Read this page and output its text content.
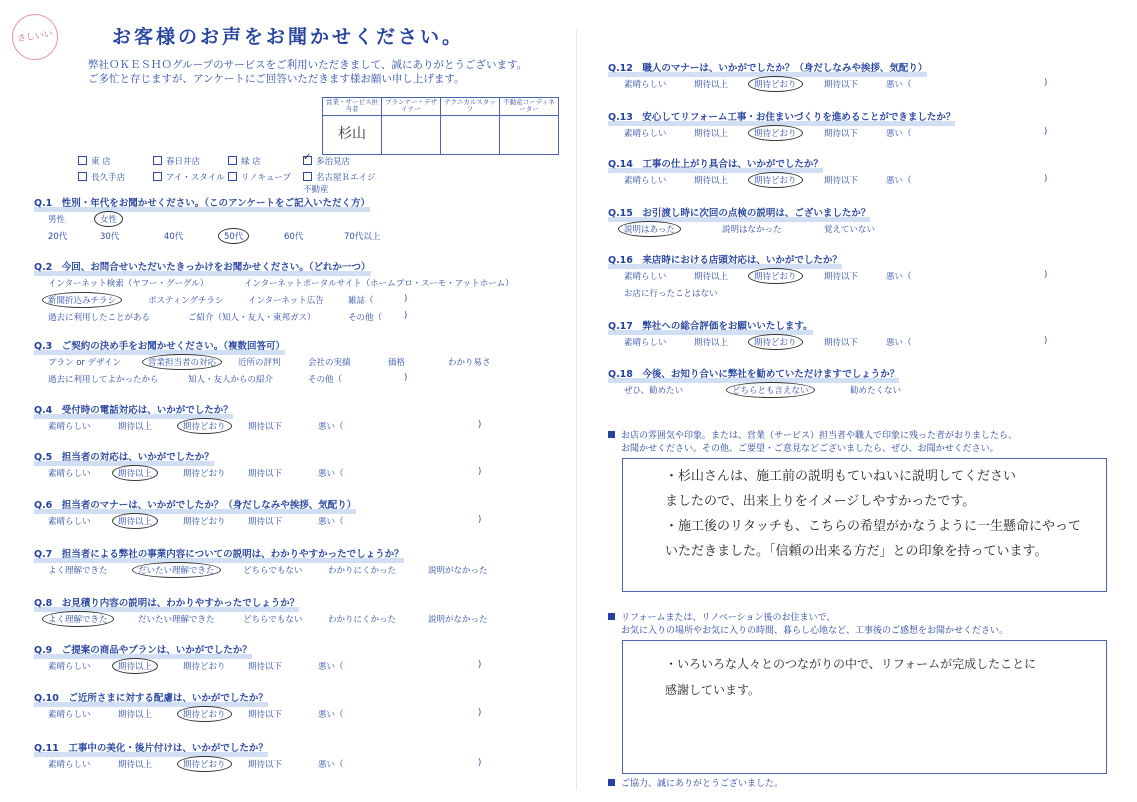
さしいい	お客様のお声をお聞かせください。
弊社ＯＫＥＳＨＯグループのサービスをご利用いただきまして、誠にありがとうございます。
ご多忙と存じますが、アンケートにご回答いただきます様お願い申し上げます。
営業・サービス担当者	プランナー・デザイナー	テクニカルスタッフ	不動産コーディネーター

杉山			

東 店	春日井店	緑 店	✓ 多治見店
長久手店	アイ・スタイル	リノキューブ	名古屋Ｒエイジ不動産
Q.1　性別・年代をお聞かせください。（このアンケートをご記入いただく方）
男性	女性
20代	30代	40代	50代	60代	70代以上
Q.2　今回、お問合せいただいたきっかけをお聞かせください。（どれか一つ）
インターネット検索（ヤフー・グーグル）	インターネットポータルサイト（ホームプロ・スーモ・アットホーム）
新聞折込みチラシ	ポスティングチラシ	インターネット広告	雑誌（	)
過去に利用したことがある	ご紹介（知人・友人・東邦ガス）	その他（	)
Q.3　ご契約の決め手をお聞かせください。（複数回答可）
プラン or デザイン	営業担当者の対応	近所の評判	会社の実績	価格	わかり易さ
過去に利用してよかったから	知人・友人からの紹介	その他（	)
Q.4　受付時の電話対応は、いかがでしたか？
素晴らしい	期待以上	期待どおり	期待以下	悪い（	)
Q.5　担当者の対応は、いかがでしたか？
素晴らしい	期待以上	期待どおり	期待以下	悪い（	)
Q.6　担当者のマナーは、いかがでしたか？（身だしなみや挨拶、気配り）
素晴らしい	期待以上	期待どおり	期待以下	悪い（	)
Q.7　担当者による弊社の事業内容についての説明は、わかりやすかったでしょうか？
よく理解できた	だいたい理解できた	どちらでもない	わかりにくかった	説明がなかった
Q.8　お見積り内容の説明は、わかりやすかったでしょうか？
よく理解できた	だいたい理解できた	どちらでもない	わかりにくかった	説明がなかった
Q.9　ご提案の商品やプランは、いかがでしたか？
素晴らしい	期待以上	期待どおり	期待以下	悪い（	)
Q.10　ご近所さまに対する配慮は、いかがでしたか？
素晴らしい	期待以上	期待どおり	期待以下	悪い（	)
Q.11　工事中の美化・後片付けは、いかがでしたか？
素晴らしい	期待以上	期待どおり	期待以下	悪い（	)
Q.12　職人のマナーは、いかがでしたか？（身だしなみや挨拶、気配り）
素晴らしい	期待以上	期待どおり	期待以下	悪い（	)
Q.13　安心してリフォーム工事・お住まいづくりを進めることができましたか？
素晴らしい	期待以上	期待どおり	期待以下	悪い（	)
Q.14　工事の仕上がり具合は、いかがでしたか？
素晴らしい	期待以上	期待どおり	期待以下	悪い（	)
Q.15　お引渡し時に次回の点検の説明は、ございましたか？
説明はあった	説明はなかった	覚えていない
Q.16　来店時における店頭対応は、いかがでしたか？
素晴らしい	期待以上	期待どおり	期待以下	悪い（	)
お店に行ったことはない
Q.17　弊社への総合評価をお願いいたします。
素晴らしい	期待以上	期待どおり	期待以下	悪い（	)
Q.18　今後、お知り合いに弊社を勧めていただけますでしょうか？
ぜひ、勧めたい	どちらとも言えない	勧めたくない
お店の雰囲気や印象。または、営業（サービス）担当者や職人で印象に残った者がおりましたら、
お聞かせください。その他、ご要望・ご意見などございましたら、ぜひ、お聞かせください。
・杉山さんは、施工前の説明もていねいに説明してください
ましたので、出来上りをイメージしやすかったです。
・施工後のリタッチも、こちらの希望がかなうように一生懸命にやって
いただきました。「信頼の出来る方だ」との印象を持っています。
リフォームまたは、リノベーション後のお住まいで、
お気に入りの場所やお気に入りの時間、暮らし心地など、工事後のご感想をお聞かせください。
・いろいろな人々とのつながりの中で、リフォームが完成したことに
感謝しています。
ご協力、誠にありがとうございました。
